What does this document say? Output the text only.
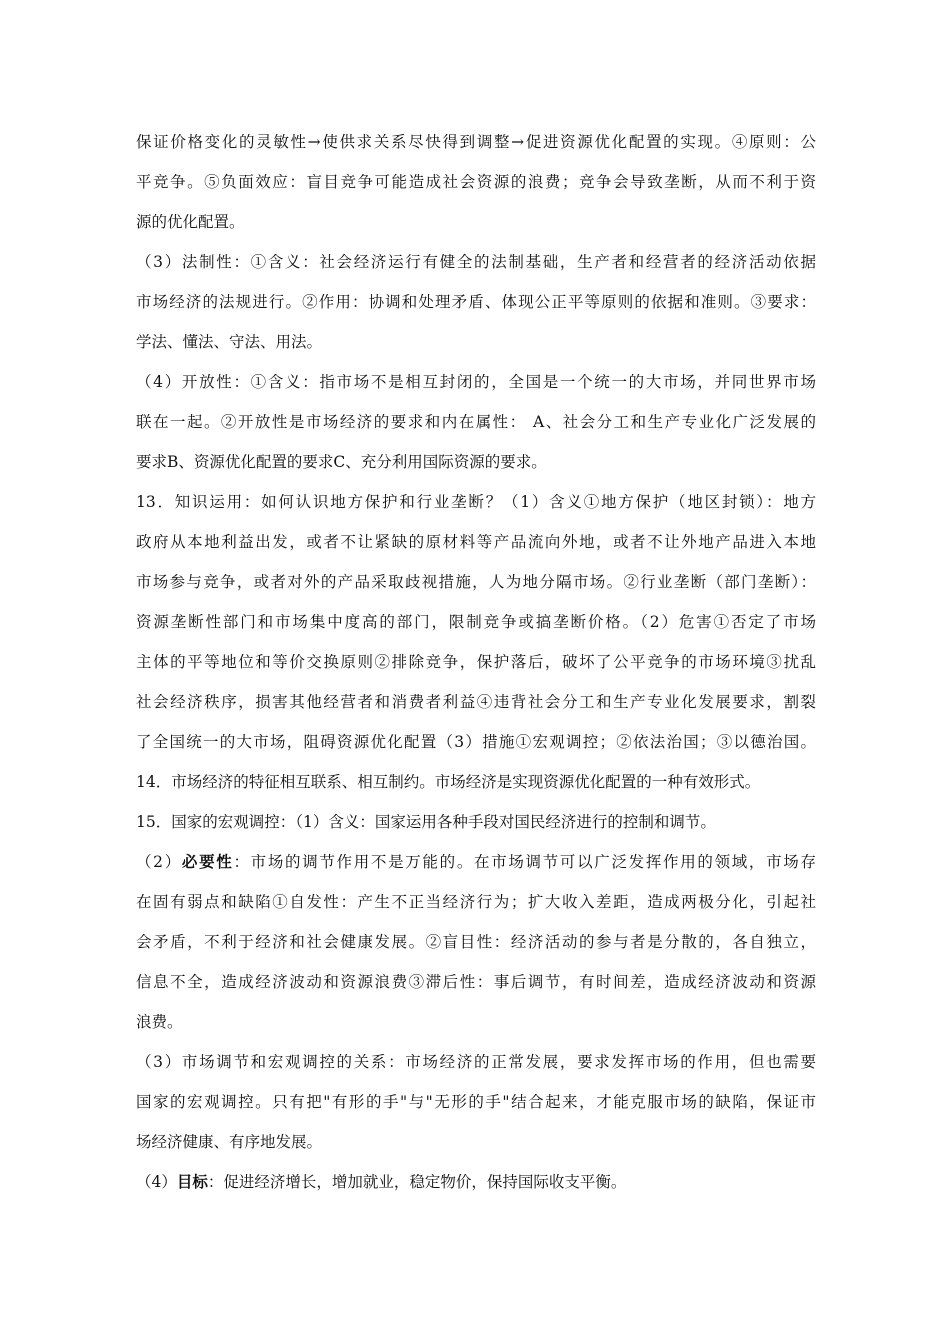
保证价格变化的灵敏性→使供求关系尽快得到调整→促进资源优化配置的实现。④原则：公
平竞争。⑤负面效应：盲目竞争可能造成社会资源的浪费；竞争会导致垄断，从而不利于资
源的优化配置。
（3）法制性：①含义：社会经济运行有健全的法制基础，生产者和经营者的经济活动依据
市场经济的法规进行。②作用：协调和处理矛盾、体现公正平等原则的依据和准则。③要求：
学法、懂法、守法、用法。
（4）开放性：①含义：指市场不是相互封闭的，全国是一个统一的大市场，并同世界市场
联在一起。②开放性是市场经济的要求和内在属性： A、社会分工和生产专业化广泛发展的
要求B、资源优化配置的要求C、充分利用国际资源的要求。
13．知识运用：如何认识地方保护和行业垄断？（1）含义①地方保护（地区封锁）：地方
政府从本地利益出发，或者不让紧缺的原材料等产品流向外地，或者不让外地产品进入本地
市场参与竞争，或者对外的产品采取歧视措施，人为地分隔市场。②行业垄断（部门垄断）：
资源垄断性部门和市场集中度高的部门，限制竞争或搞垄断价格。（2）危害①否定了市场
主体的平等地位和等价交换原则②排除竞争，保护落后，破坏了公平竞争的市场环境③扰乱
社会经济秩序，损害其他经营者和消费者利益④违背社会分工和生产专业化发展要求，割裂
了全国统一的大市场，阻碍资源优化配置（3）措施①宏观调控；②依法治国；③以德治国。
14．市场经济的特征相互联系、相互制约。市场经济是实现资源优化配置的一种有效形式。
15．国家的宏观调控：（1）含义：国家运用各种手段对国民经济进行的控制和调节。
（2）必要性：市场的调节作用不是万能的。在市场调节可以广泛发挥作用的领域，市场存
在固有弱点和缺陷①自发性：产生不正当经济行为；扩大收入差距，造成两极分化，引起社
会矛盾，不利于经济和社会健康发展。②盲目性：经济活动的参与者是分散的，各自独立，
信息不全，造成经济波动和资源浪费③滞后性：事后调节，有时间差，造成经济波动和资源
浪费。
（3）市场调节和宏观调控的关系：市场经济的正常发展，要求发挥市场的作用，但也需要
国家的宏观调控。只有把"有形的手"与"无形的手"结合起来，才能克服市场的缺陷，保证市
场经济健康、有序地发展。
（4）目标：促进经济增长，增加就业，稳定物价，保持国际收支平衡。
